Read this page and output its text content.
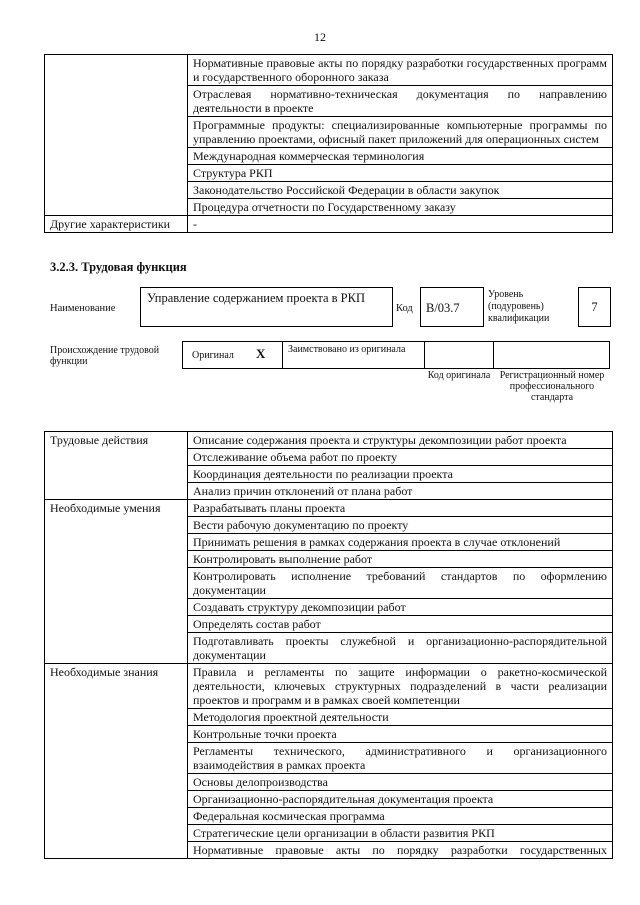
12
	Нормативные правовые акты по порядку разработки государственных программ и государственного оборонного заказа
	Отраслевая нормативно-техническая документация по направлению деятельности в проекте
	Программные продукты: специализированные компьютерные программы по управлению проектами, офисный пакет приложений для операционных систем
	Международная коммерческая терминология
	Структура РКП
	Законодательство Российской Федерации в области закупок
	Процедура отчетности по Государственному заказу
Другие характеристики	-
3.2.3. Трудовая функция
Наименование
Управление содержанием проекта в РКП
Код	B/03.7
Уровень (подуровень) квалификации
7
Происхождение трудовой функции
Оригинал X Заимствовано из оригинала
Код оригинала Регистрационный номер профессионального стандарта
Трудовые действия	Описание содержания проекта и структуры декомпозиции работ проекта
	Отслеживание объема работ по проекту
	Координация деятельности по реализации проекта
	Анализ причин отклонений от плана работ
Необходимые умения	Разрабатывать планы проекта
	Вести рабочую документацию по проекту
	Принимать решения в рамках содержания проекта в случае отклонений
	Контролировать выполнение работ
	Контролировать исполнение требований стандартов по оформлению документации
	Создавать структуру декомпозиции работ
	Определять состав работ
	Подготавливать проекты служебной и организационно-распорядительной документации
Необходимые знания	Правила и регламенты по защите информации о ракетно-космической деятельности, ключевых структурных подразделений в части реализации проектов и программ и в рамках своей компетенции
	Методология проектной деятельности
	Контрольные точки проекта
	Регламенты технического, административного и организационного взаимодействия в рамках проекта
	Основы делопроизводства
	Организационно-распорядительная документация проекта
	Федеральная космическая программа
	Стратегические цели организации в области развития РКП
	Нормативные правовые акты по порядку разработки государственных
